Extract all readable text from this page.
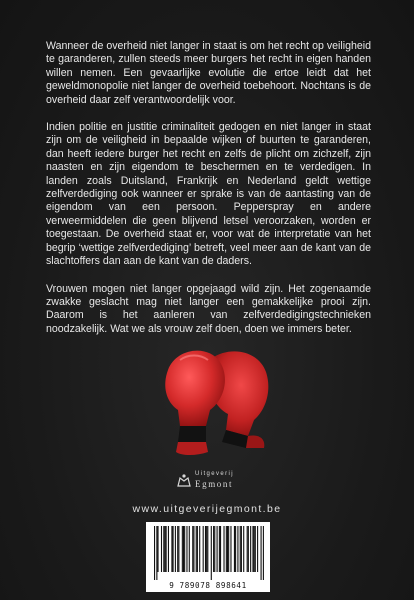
Wanneer de overheid niet langer in staat is om het recht op veiligheid te garanderen, zullen steeds meer burgers het recht in eigen handen willen nemen. Een gevaarlijke evolutie die ertoe leidt dat het geweldmonopolie niet langer de overheid toebehoort. Nochtans is de overheid daar zelf verantwoordelijk voor.

Indien politie en justitie criminaliteit gedogen en niet langer in staat zijn om de veiligheid in bepaalde wijken of buurten te garanderen, dan heeft iedere burger het recht en zelfs de plicht om zichzelf, zijn naasten en zijn eigendom te beschermen en te verdedigen. In landen zoals Duitsland, Frankrijk en Nederland geldt wettige zelfverdediging ook wanneer er sprake is van de aantasting van de eigendom van een persoon. Pepperspray en andere verweermiddelen die geen blijvend letsel veroorzaken, worden er toegestaan. De overheid staat er, voor wat de interpretatie van het begrip ‘wettige zelfverdediging’ betreft, veel meer aan de kant van de slachtoffers dan aan de kant van de daders.

Vrouwen mogen niet langer opgejaagd wild zijn. Het zogenaamde zwakke geslacht mag niet langer een gemakkelijke prooi zijn. Daarom is het aanleren van zelfverdedigingstechnieken noodzakelijk. Wat we als vrouw zelf doen, doen we immers beter.

Uitgeverij
Egmont
www.uitgeverijegmont.be
9 789078 898641
